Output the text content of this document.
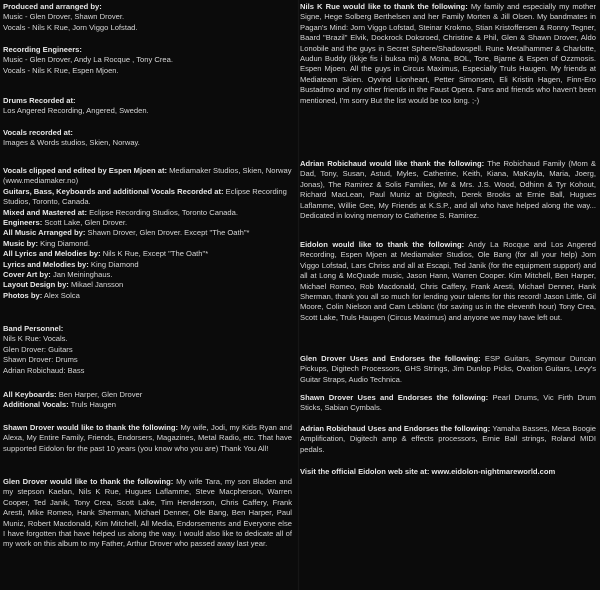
Produced and arranged by:

Music - Glen Drover, Shawn Drover.

Vocals - Nils K Rue, Jorn Viggo Lofstad.

Recording Engineers:

Music - Glen Drover, Andy La Rocque , Tony Crea.

Vocals - Nils K Rue, Espen Mjoen.

Drums Recorded at:

Los Angered Recording, Angered, Sweden.

Vocals recorded at:

Images & Words studios, Skien, Norway.

Vocals clipped and edited by Espen Mjoen at: Mediamaker Studios, Skien, Norway (www.mediamaker.no)

Guitars, Bass, Keyboards and additional Vocals Recorded at: Eclipse Recording Studios, Toronto, Canada.

Mixed and Mastered at: Eclipse Recording Studios, Toronto Canada.

Engineers: Scott Lake, Glen Drover.

All Music Arranged by: Shawn Drover, Glen Drover. Except "The Oath"*

Music by: King Diamond.

All Lyrics and Melodies by: Nils K Rue, Except "The Oath"*

Lyrics and Melodies by: King Diamond

Cover Art by: Jan Meininghaus.

Layout Design by: Mikael Jansson

Photos by: Alex Solca

Band Personnel:

Nils K Rue: Vocals.

Glen Drover: Guitars

Shawn Drover: Drums

Adrian Robichaud: Bass

All Keyboards: Ben Harper, Glen Drover

Additional Vocals: Truls Haugen

Shawn Drover would like to thank the following: My wife, Jodi, my Kids Ryan and Alexa, My Entire Family, Friends, Endorsers, Magazines, Metal Radio, etc. That have supported Eidolon for the past 10 years (you know who you are) Thank You All!

Glen Drover would like to thank the following: My wife Tara, my son Bladen and my stepson Kaelan, Nils K Rue, Hugues Laflamme, Steve Macpherson, Warren Cooper, Ted Janik, Tony Crea, Scott Lake, Tim Henderson, Chris Caffery, Frank Aresti, Mike Romeo, Hank Sherman, Michael Denner, Ole Bang, Ben Harper, Paul Muniz, Robert Macdonald, Kim Mitchell, All Media, Endorsements and Everyone else I have forgotten that have helped us along the way. I would also like to dedicate all of my work on this album to my Father, Arthur Drover who passed away last year.

Nils K Rue would like to thank the following: My family and especially my mother Signe, Hege Solberg Berthelsen and her Family Morten & Jill Olsen. My bandmates in Pagan's Mind: Jorn Viggo Lofstad, Steinar Krokmo, Stian Kristoffersen & Ronny Tegner, Baard "Brazil" Elvik, Dockrock Doksroed, Christine & Phil, Glen & Shawn Drover, Aldo Lonobile and the guys in Secret Sphere/Shadowspell. Rune Metalhammer & Charlotte, Audun Buddy (ikkje fis i buksa mi) & Mona, BOL, Tore, Bjarne & Espen of Ozzmosis. Espen Mjoen. All the guys in Circus Maximus, Especially Truls Haugen. My friends at Mediateam Skien. Oyvind Lionheart, Petter Simonsen, Eli Kristin Hagen, Finn-Ero Bustadmo and my other friends in the Faust Opera. Fans and friends who haven't been mentioned, I'm sorry But the list would be too long. ;-)

Adrian Robichaud would like thank the following: The Robichaud Family (Mom & Dad, Tony, Susan, Astud, Myles, Catherine, Keith, Kiana, MaKayla, Maria, Joerg, Jonas), The Ramirez & Solis Families, Mr & Mrs. J.S. Wood, Odhinn & Tyr Kohout, Richard MacLean, Paul Muniz at Digitech, Derek Brooks at Ernie Ball, Hugues Laflamme, Willie Gee, My Friends at K.S.P., and all who have helped along the way... Dedicated in loving memory to Catherine S. Ramirez.

Eidolon would like to thank the following: Andy La Rocque and Los Angered Recording, Espen Mjoen at Mediamaker Studios, Ole Bang (for all your help) Jorn Viggo Lofstad, Lars Chriss and all at Escapi, Ted Janik (for the equipment support) and all at Long & McQuade music, Jason Hann, Warren Cooper. Kim Mitchell, Ben Harper, Michael Romeo, Rob Macdonald, Chris Caffery, Frank Aresti, Michael Denner, Hank Sherman, thank you all so much for lending your talents for this record! Jason Little, Gil Moore, Colin Nielson and Cam Leblanc (for saving us in the eleventh hour) Tony Crea, Scott Lake, Truls Haugen (Circus Maximus) and anyone we may have left out.

Glen Drover Uses and Endorses the following: ESP Guitars, Seymour Duncan Pickups, Digitech Processors, GHS Strings, Jim Dunlop Picks, Ovation Guitars, Levy's Guitar Straps, Audio Technica.

Shawn Drover Uses and Endorses the following: Pearl Drums, Vic Firth Drum Sticks, Sabian Cymbals.

Adrian Robichaud Uses and Endorses the following: Yamaha Basses, Mesa Boogie Amplification, Digitech amp & effects processors, Ernie Ball strings, Roland MIDI pedals.

Visit the official Eidolon web site at: www.eidolon-nightmareworld.com
